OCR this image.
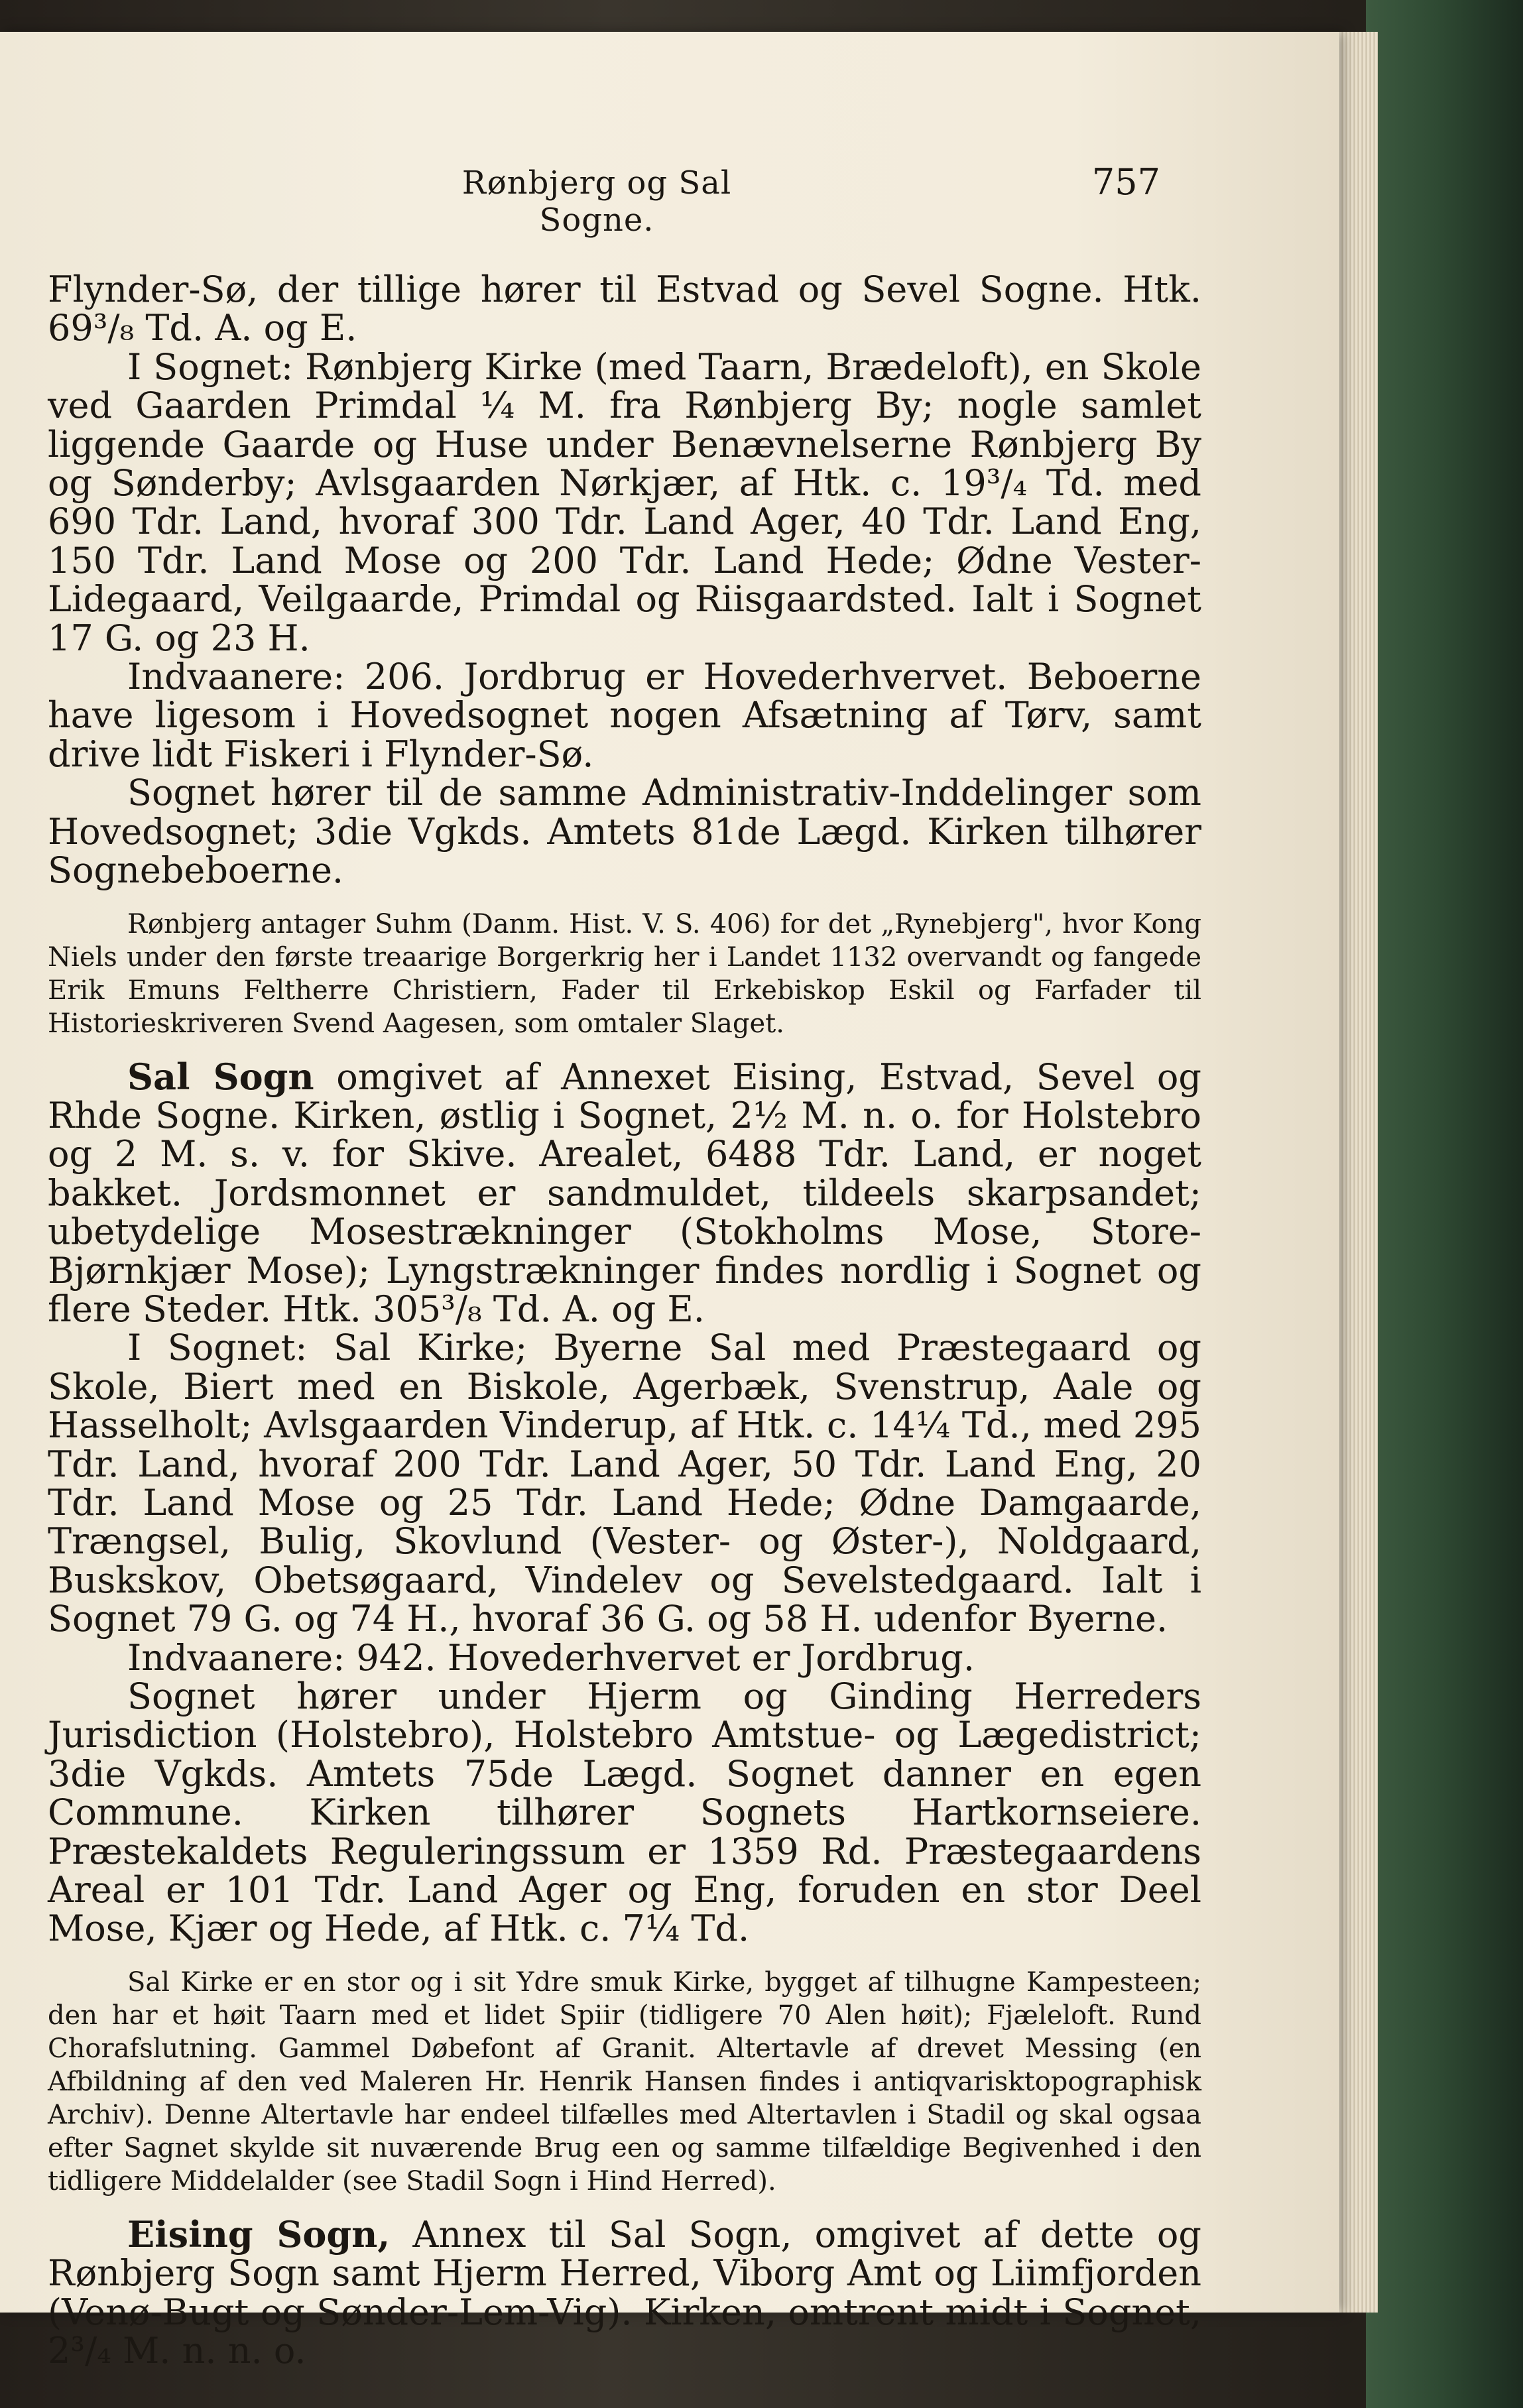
Rønbjerg og Sal Sogne.
757

Flynder-Sø, der tillige hører til Estvad og Sevel Sogne. Htk. 69³/₈ Td. A. og E.

I Sognet: Rønbjerg Kirke (med Taarn, Brædeloft), en Skole ved Gaarden Primdal ¼ M. fra Rønbjerg By; nogle samlet liggende Gaarde og Huse under Benævnelserne Rønbjerg By og Sønderby; Avlsgaarden Nørkjær, af Htk. c. 19³/₄ Td. med 690 Tdr. Land, hvoraf 300 Tdr. Land Ager, 40 Tdr. Land Eng, 150 Tdr. Land Mose og 200 Tdr. Land Hede; Ødne Vester-Lidegaard, Veilgaarde, Primdal og Riisgaardsted. Ialt i Sognet 17 G. og 23 H.

Indvaanere: 206. Jordbrug er Hovederhvervet. Beboerne have ligesom i Hovedsognet nogen Afsætning af Tørv, samt drive lidt Fiskeri i Flynder-Sø.

Sognet hører til de samme Administrativ-Inddelinger som Hovedsognet; 3die Vgkds. Amtets 81de Lægd. Kirken tilhører Sognebeboerne.

Rønbjerg antager Suhm (Danm. Hist. V. S. 406) for det „Rynebjerg", hvor Kong Niels under den første treaarige Borgerkrig her i Landet 1132 overvandt og fangede Erik Emuns Feltherre Christiern, Fader til Erkebiskop Eskil og Farfader til Historieskriveren Svend Aagesen, som omtaler Slaget.

Sal Sogn omgivet af Annexet Eising, Estvad, Sevel og Rhde Sogne. Kirken, østlig i Sognet, 2½ M. n. o. for Holstebro og 2 M. s. v. for Skive. Arealet, 6488 Tdr. Land, er noget bakket. Jordsmonnet er sandmuldet, tildeels skarpsandet; ubetydelige Mosestrækninger (Stokholms Mose, Store-Bjørnkjær Mose); Lyngstrækninger findes nordlig i Sognet og flere Steder. Htk. 305³/₈ Td. A. og E.

I Sognet: Sal Kirke; Byerne Sal med Præstegaard og Skole, Biert med en Biskole, Agerbæk, Svenstrup, Aale og Hasselholt; Avlsgaarden Vinderup, af Htk. c. 14¼ Td., med 295 Tdr. Land, hvoraf 200 Tdr. Land Ager, 50 Tdr. Land Eng, 20 Tdr. Land Mose og 25 Tdr. Land Hede; Ødne Damgaarde, Trængsel, Bulig, Skovlund (Vester- og Øster-), Noldgaard, Buskskov, Obetsøgaard, Vindelev og Sevelstedgaard. Ialt i Sognet 79 G. og 74 H., hvoraf 36 G. og 58 H. udenfor Byerne.

Indvaanere: 942. Hovederhvervet er Jordbrug.

Sognet hører under Hjerm og Ginding Herreders Jurisdiction (Holstebro), Holstebro Amtstue- og Lægedistrict; 3die Vgkds. Amtets 75de Lægd. Sognet danner en egen Commune. Kirken tilhører Sognets Hartkornseiere. Præstekaldets Reguleringssum er 1359 Rd. Præstegaardens Areal er 101 Tdr. Land Ager og Eng, foruden en stor Deel Mose, Kjær og Hede, af Htk. c. 7¼ Td.

Sal Kirke er en stor og i sit Ydre smuk Kirke, bygget af tilhugne Kampesteen; den har et høit Taarn med et lidet Spiir (tidligere 70 Alen høit); Fjæleloft. Rund Chorafslutning. Gammel Døbefont af Granit. Altertavle af drevet Messing (en Afbildning af den ved Maleren Hr. Henrik Hansen findes i antiqvarisktopographisk Archiv). Denne Altertavle har endeel tilfælles med Altertavlen i Stadil og skal ogsaa efter Sagnet skylde sit nuværende Brug een og samme tilfældige Begivenhed i den tidligere Middelalder (see Stadil Sogn i Hind Herred).

Eising Sogn, Annex til Sal Sogn, omgivet af dette og Rønbjerg Sogn samt Hjerm Herred, Viborg Amt og Liimfjorden (Venø-Bugt og Sønder-Lem-Vig). Kirken, omtrent midt i Sognet, 2³/₄ M. n. n. o.
